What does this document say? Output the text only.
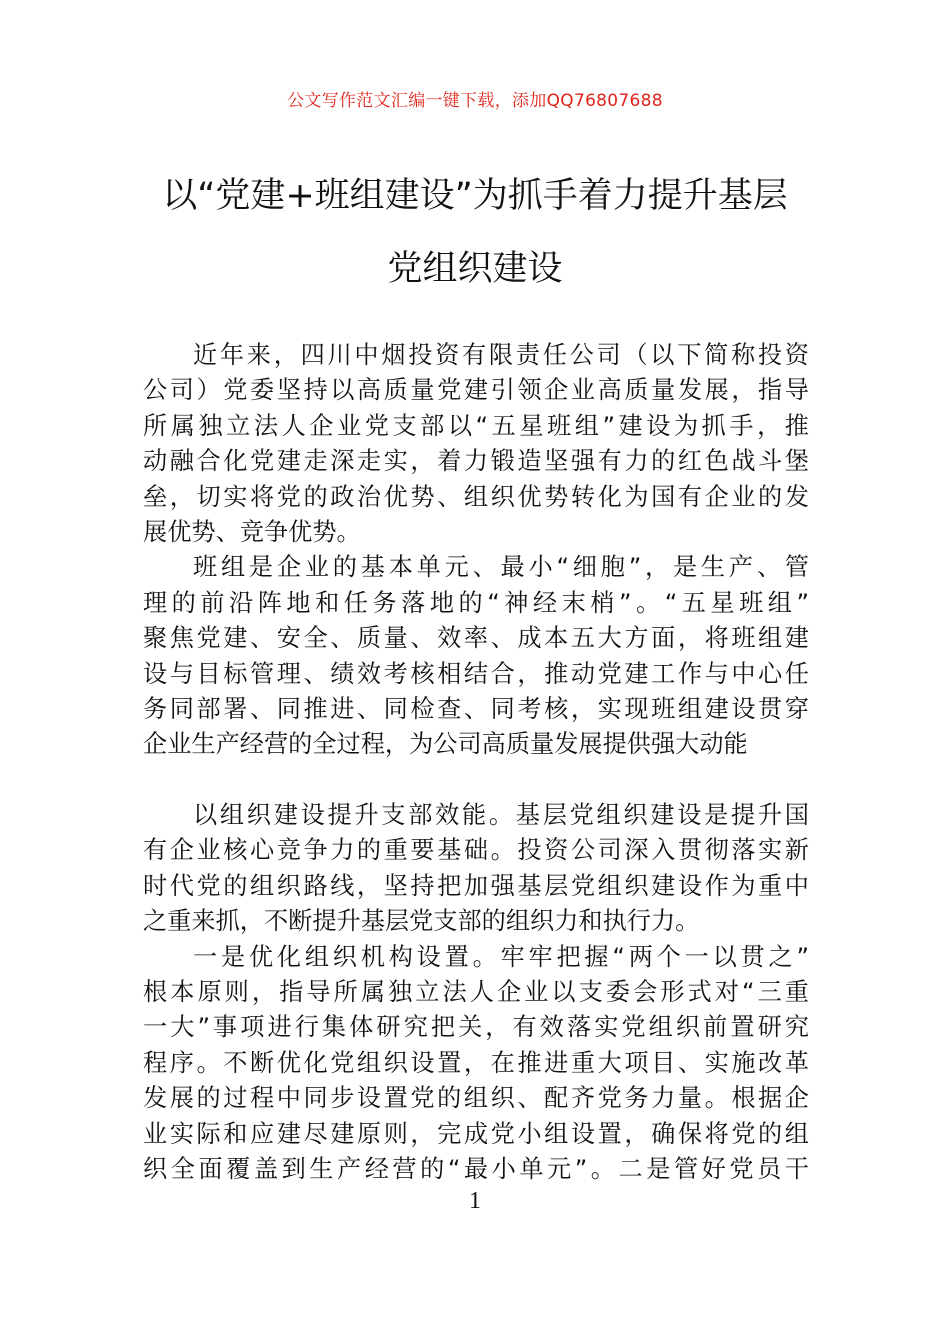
公文写作范文汇编一键下载，添加QQ76807688
以“党建+班组建设”为抓手着力提升基层
党组织建设
近年来，四川中烟投资有限责任公司（以下简称投资
公司）党委坚持以高质量党建引领企业高质量发展，指导
所属独立法人企业党支部以“五星班组”建设为抓手，推
动融合化党建走深走实，着力锻造坚强有力的红色战斗堡
垒，切实将党的政治优势、组织优势转化为国有企业的发
展优势、竞争优势。
班组是企业的基本单元、最小“细胞”，是生产、管
理的前沿阵地和任务落地的“神经末梢”。“五星班组”
聚焦党建、安全、质量、效率、成本五大方面，将班组建
设与目标管理、绩效考核相结合，推动党建工作与中心任
务同部署、同推进、同检查、同考核，实现班组建设贯穿
企业生产经营的全过程，为公司高质量发展提供强大动能
以组织建设提升支部效能。基层党组织建设是提升国
有企业核心竞争力的重要基础。投资公司深入贯彻落实新
时代党的组织路线，坚持把加强基层党组织建设作为重中
之重来抓，不断提升基层党支部的组织力和执行力。
一是优化组织机构设置。牢牢把握“两个一以贯之”
根本原则，指导所属独立法人企业以支委会形式对“三重
一大”事项进行集体研究把关，有效落实党组织前置研究
程序。不断优化党组织设置，在推进重大项目、实施改革
发展的过程中同步设置党的组织、配齐党务力量。根据企
业实际和应建尽建原则，完成党小组设置，确保将党的组
织全面覆盖到生产经营的“最小单元”。二是管好党员干
1
